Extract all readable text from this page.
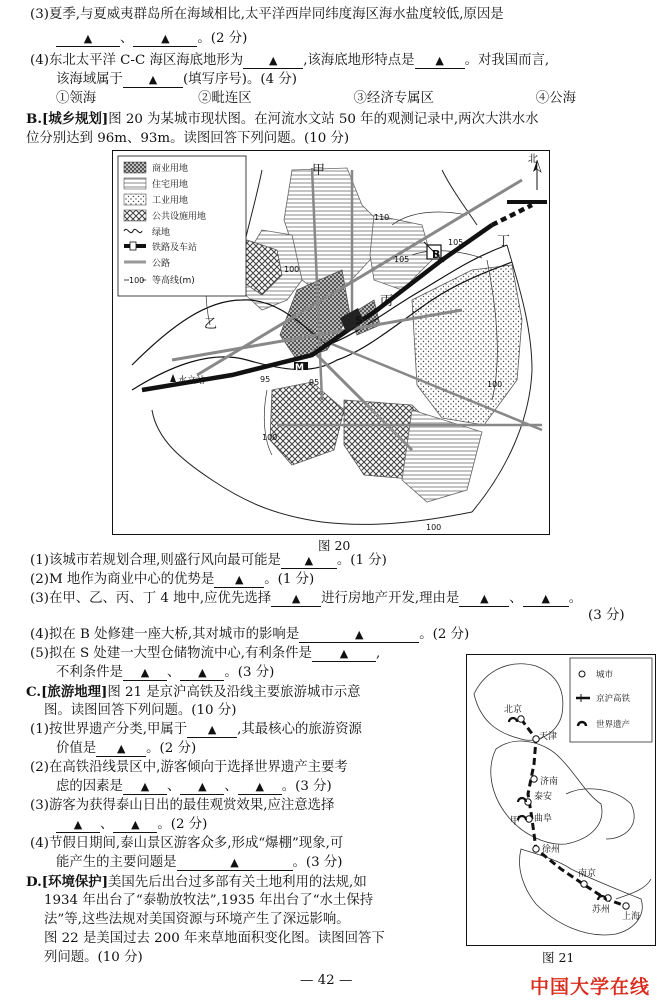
(3)夏季,与夏威夷群岛所在海域相比,太平洋西岸同纬度海区海水盐度较低,原因是
▲ 、	▲ 。(2 分)
(4)东北太平洋 C-C 海区海底地形为 ▲ ,该海底地形特点是 ▲ 。对我国而言,
该海域属于 ▲ (填写序号)。(4 分)
①领海	②毗连区	③经济专属区	④公海
B.[城乡规划]图 20 为某城市现状图。在河流水文站 50 年的观测记录中,两次大洪水水
位分别达到 96m、93m。读图回答下列问题。(10 分)
商业用地
住宅用地
工业用地
公共设施用地
绿地
铁路及车站
公路
100 等高线(m)
北
甲
乙
丙
丁
B
S
M
水文站
110
105
105
100
95	95
100
100
100
图 20
(1)该城市若规划合理,则盛行风向最可能是 ▲ 。(1 分)
(2)M 地作为商业中心的优势是 ▲ 。(1 分)
(3)在甲、乙、丙、丁 4 地中,应优先选择 ▲ 进行房地产开发,理由是 ▲ 、 ▲ 。
(3 分)
(4)拟在 B 处修建一座大桥,其对城市的影响是	▲	。(2 分)
(5)拟在 S 处建一大型仓储物流中心,有利条件是	▲ ,
不利条件是 ▲ 、 ▲ 。(3 分)
C.[旅游地理]图 21 是京沪高铁及沿线主要旅游城市示意
图。读图回答下列问题。(10 分)
(1)按世界遗产分类,甲属于 ▲ ,其最核心的旅游资源
价值是 ▲ 。(2 分)
(2)在高铁沿线景区中,游客倾向于选择世界遗产主要考
虑的因素是 ▲ 、 ▲ 、 ▲ 。(3 分)
(3)游客为获得泰山日出的最佳观赏效果,应注意选择
▲ 、 ▲ 。(2 分)
(4)节假日期间,泰山景区游客众多,形成“爆棚”现象,可
能产生的主要问题是	▲	。(3 分)
D.[环境保护]美国先后出台过多部有关土地利用的法规,如
1934 年出台了“泰勒放牧法”,1935 年出台了“水土保持
法”等,这些法规对美国资源与环境产生了深远影响。
图 22 是美国过去 200 年来草地面积变化图。读图回答下
列问题。(10 分)
城市
京沪高铁
世界遗产
北京
天津
济南
泰安
曲阜
甲
徐州
南京
苏州
上海
图 21
— 42 —	中国大学在线
